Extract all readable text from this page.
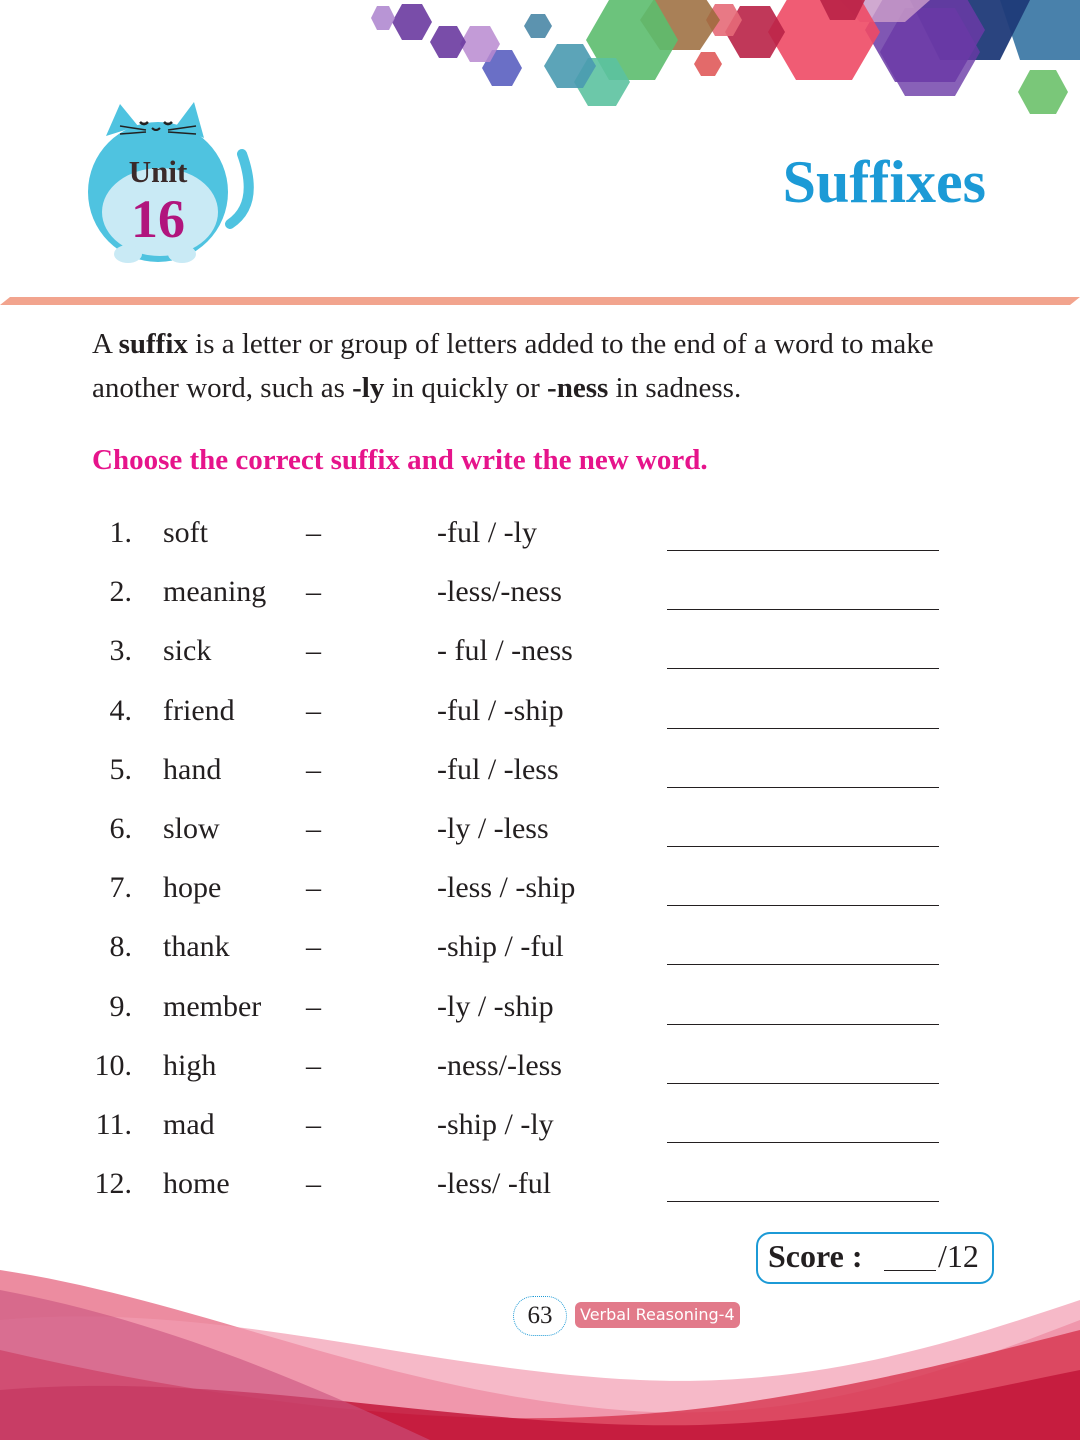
Unit
16
Suffixes

A suffix is a letter or group of letters added to the end of a word to make another word, such as -ly in quickly or -ness in sadness.

Choose the correct suffix and write the new word.
1. soft	–	-ful / -ly
2. meaning –	-less/-ness
3. sick	–	- ful / -ness
4. friend –	-ful / -ship
5. hand	–	-ful / -less
6. slow	–	-ly / -less
7. hope	–	-less / -ship
8. thank	–	-ship / -ful
9. member –	-ly / -ship
10. high	–	-ness/-less
11. mad	–	-ship / -ly
12. home	–	-less/ -ful
Score : /12
63	Verbal Reasoning-4
